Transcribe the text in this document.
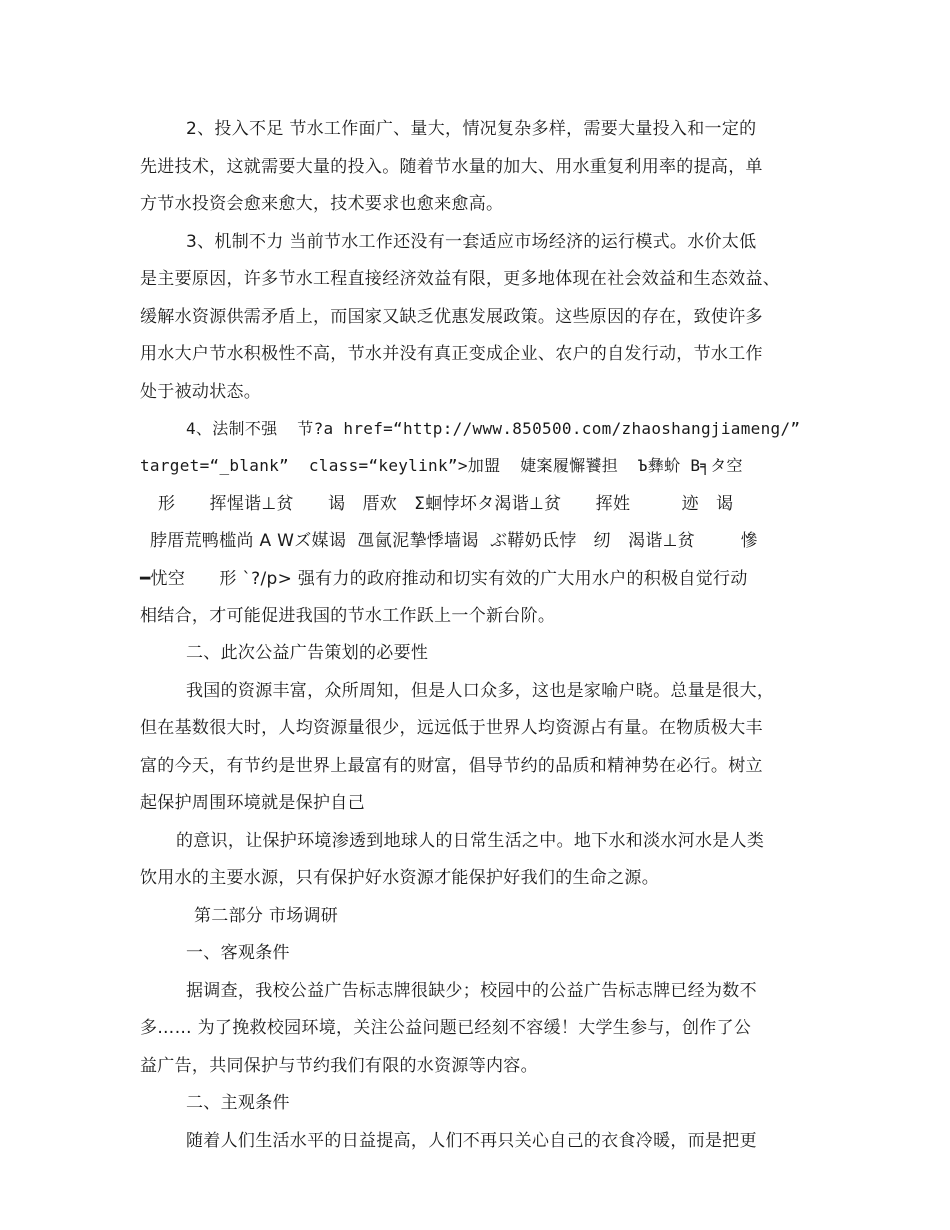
2、投入不足 节水工作面广、量大，情况复杂多样，需要大量投入和一定的
先进技术，这就需要大量的投入。随着节水量的加大、用水重复利用率的提高，单
方节水投资会愈来愈大，技术要求也愈来愈高。
3、机制不力 当前节水工作还没有一套适应市场经济的运行模式。水价太低
是主要原因，许多节水工程直接经济效益有限，更多地体现在社会效益和生态效益、
缓解水资源供需矛盾上，而国家又缺乏优惠发展政策。这些原因的存在，致使许多
用水大户节水积极性不高，节水并没有真正变成企业、农户的自发行动，节水工作
处于被动状态。
4、法制不强  节?a href=“http://www.850500.com/zhaoshangjiameng/”
target=“_blank”  class=“keylink”>加盟  婕案履懈饕担  Ъ彝蚧 B╕タ空
形      挥惺谐⊥贫      谒   厝欢   Σ蛔悖坏タ渴谐⊥贫      挥姓         迹   谒
脖厝荒鸭槛尚 A Wズ媒谒  乪氤泥摯悸墙谒  ぶ鞯奶氐悖   纫   渴谐⊥贫        慘
━忧空      形 `?/p> 强有力的政府推动和切实有效的广大用水户的积极自觉行动
相结合，才可能促进我国的节水工作跃上一个新台阶。
二、此次公益广告策划的必要性
我国的资源丰富，众所周知，但是人口众多，这也是家喻户晓。总量是很大，
但在基数很大时，人均资源量很少，远远低于世界人均资源占有量。在物质极大丰
富的今天，有节约是世界上最富有的财富，倡导节约的品质和精神势在必行。树立
起保护周围环境就是保护自己
的意识，让保护环境渗透到地球人的日常生活之中。地下水和淡水河水是人类
饮用水的主要水源，只有保护好水资源才能保护好我们的生命之源。
第二部分 市场调研
一、客观条件
据调查，我校公益广告标志牌很缺少；校园中的公益广告标志牌已经为数不
多…… 为了挽救校园环境，关注公益问题已经刻不容缓！大学生参与，创作了公
益广告，共同保护与节约我们有限的水资源等内容。
二、主观条件
随着人们生活水平的日益提高，人们不再只关心自己的衣食冷暖，而是把更
